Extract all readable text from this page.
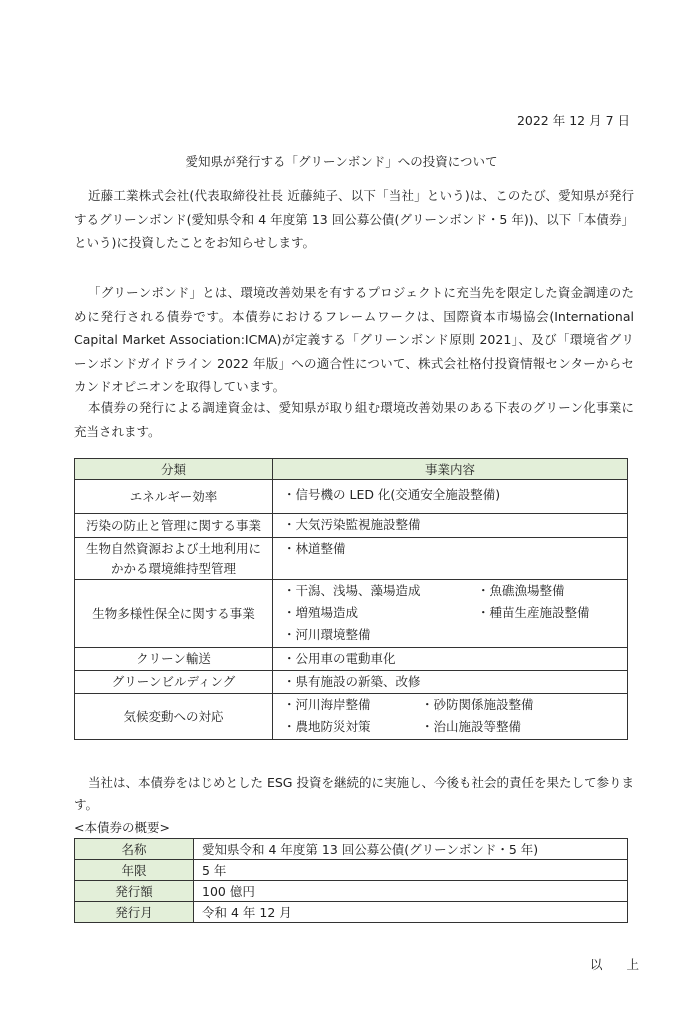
2022 年 12 月 7 日
愛知県が発行する「グリーンボンド」への投資について

近藤工業株式会社(代表取締役社長 近藤純子、以下「当社」という)は、このたび、愛知県が発行するグリーンボンド(愛知県令和 4 年度第 13 回公募公債(グリーンボンド・5 年))、以下「本債券」という)に投資したことをお知らせします。

「グリーンボンド」とは、環境改善効果を有するプロジェクトに充当先を限定した資金調達のために発行される債券です。本債券におけるフレームワークは、国際資本市場協会(International Capital Market Association:ICMA)が定義する「グリーンボンド原則 2021」、及び「環境省グリーンボンドガイドライン 2022 年版」への適合性について、株式会社格付投資情報センターからセカンドオピニオンを取得しています。

本債券の発行による調達資金は、愛知県が取り組む環境改善効果のある下表のグリーン化事業に充当されます。

分類	事業内容
エネルギー効率	・信号機の LED 化(交通安全施設整備)

汚染の防止と管理に関する事業	・大気汚染監視施設整備

生物自然資源および土地利用にかかる環境維持型管理	・林道整備

生物多様性保全に関する事業	・干潟、浅場、藻場造成 ・魚礁漁場整備
・増殖場造成 ・種苗生産施設整備
・河川環境整備

クリーン輸送	・公用車の電動車化

グリーンビルディング	・県有施設の新築、改修

気候変動への対応	・河川海岸整備 ・砂防関係施設整備
・農地防災対策 ・治山施設等整備

当社は、本債券をはじめとした ESG 投資を継続的に実施し、今後も社会的責任を果たして参ります。

<本債券の概要>
名称	愛知県令和 4 年度第 13 回公募公債(グリーンボンド・5 年)
年限	5 年
発行額	100 億円
発行月	令和 4 年 12 月
以 上
